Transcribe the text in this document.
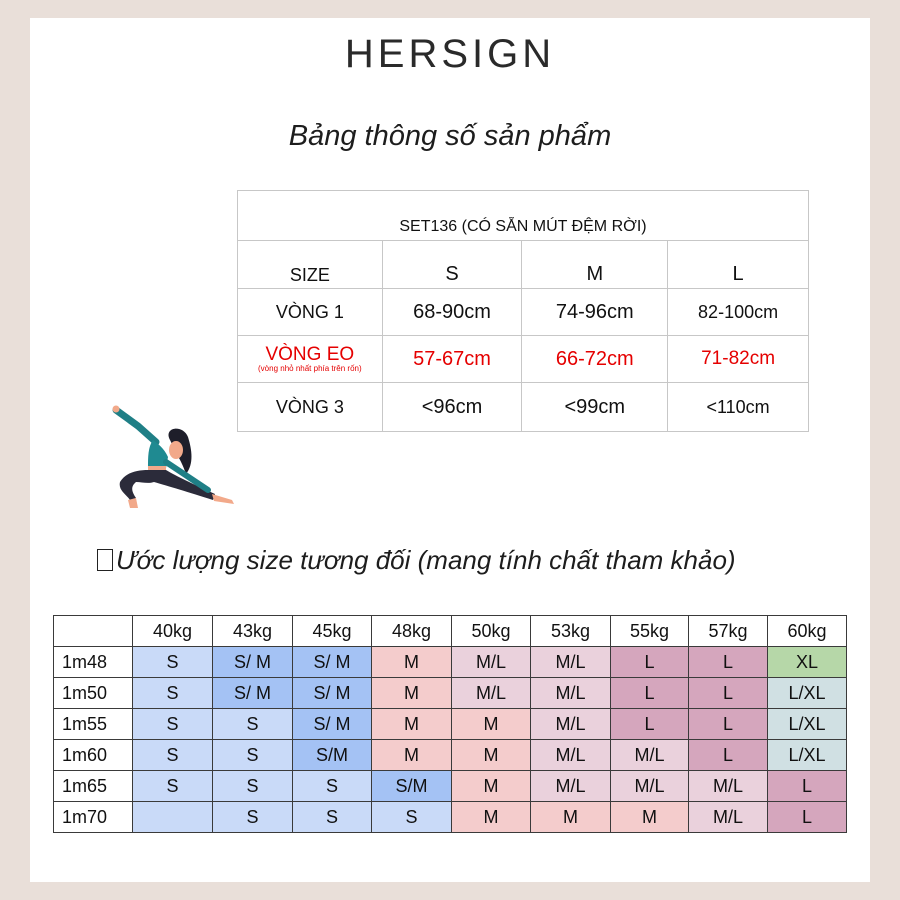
HERSIGN
Bảng thông số sản phẩm
SET136 (CÓ SẴN MÚT ĐỆM RỜI)			
SIZE	S	M	L
VÒNG 1	68-90cm	74-96cm	82-100cm

VÒNG EO
(vòng nhỏ nhất phía trên rốn)	57-67cm	66-72cm	71-82cm
VÒNG 3	<96cm	<99cm	<110cm
Ước lượng size tương đối (mang tính chất tham khảo)
	40kg	43kg	45kg	48kg	50kg	53kg	55kg	57kg	60kg
1m48	S	S/ M	S/ M	M	M/L	M/L	L	L	XL
1m50	S	S/ M	S/ M	M	M/L	M/L	L	L	L/XL
1m55	S	S	S/ M	M	M	M/L	L	L	L/XL
1m60	S	S	S/M	M	M	M/L	M/L	L	L/XL
1m65	S	S	S	S/M	M	M/L	M/L	M/L	L
1m70		S	S	S	M	M	M	M/L	L
